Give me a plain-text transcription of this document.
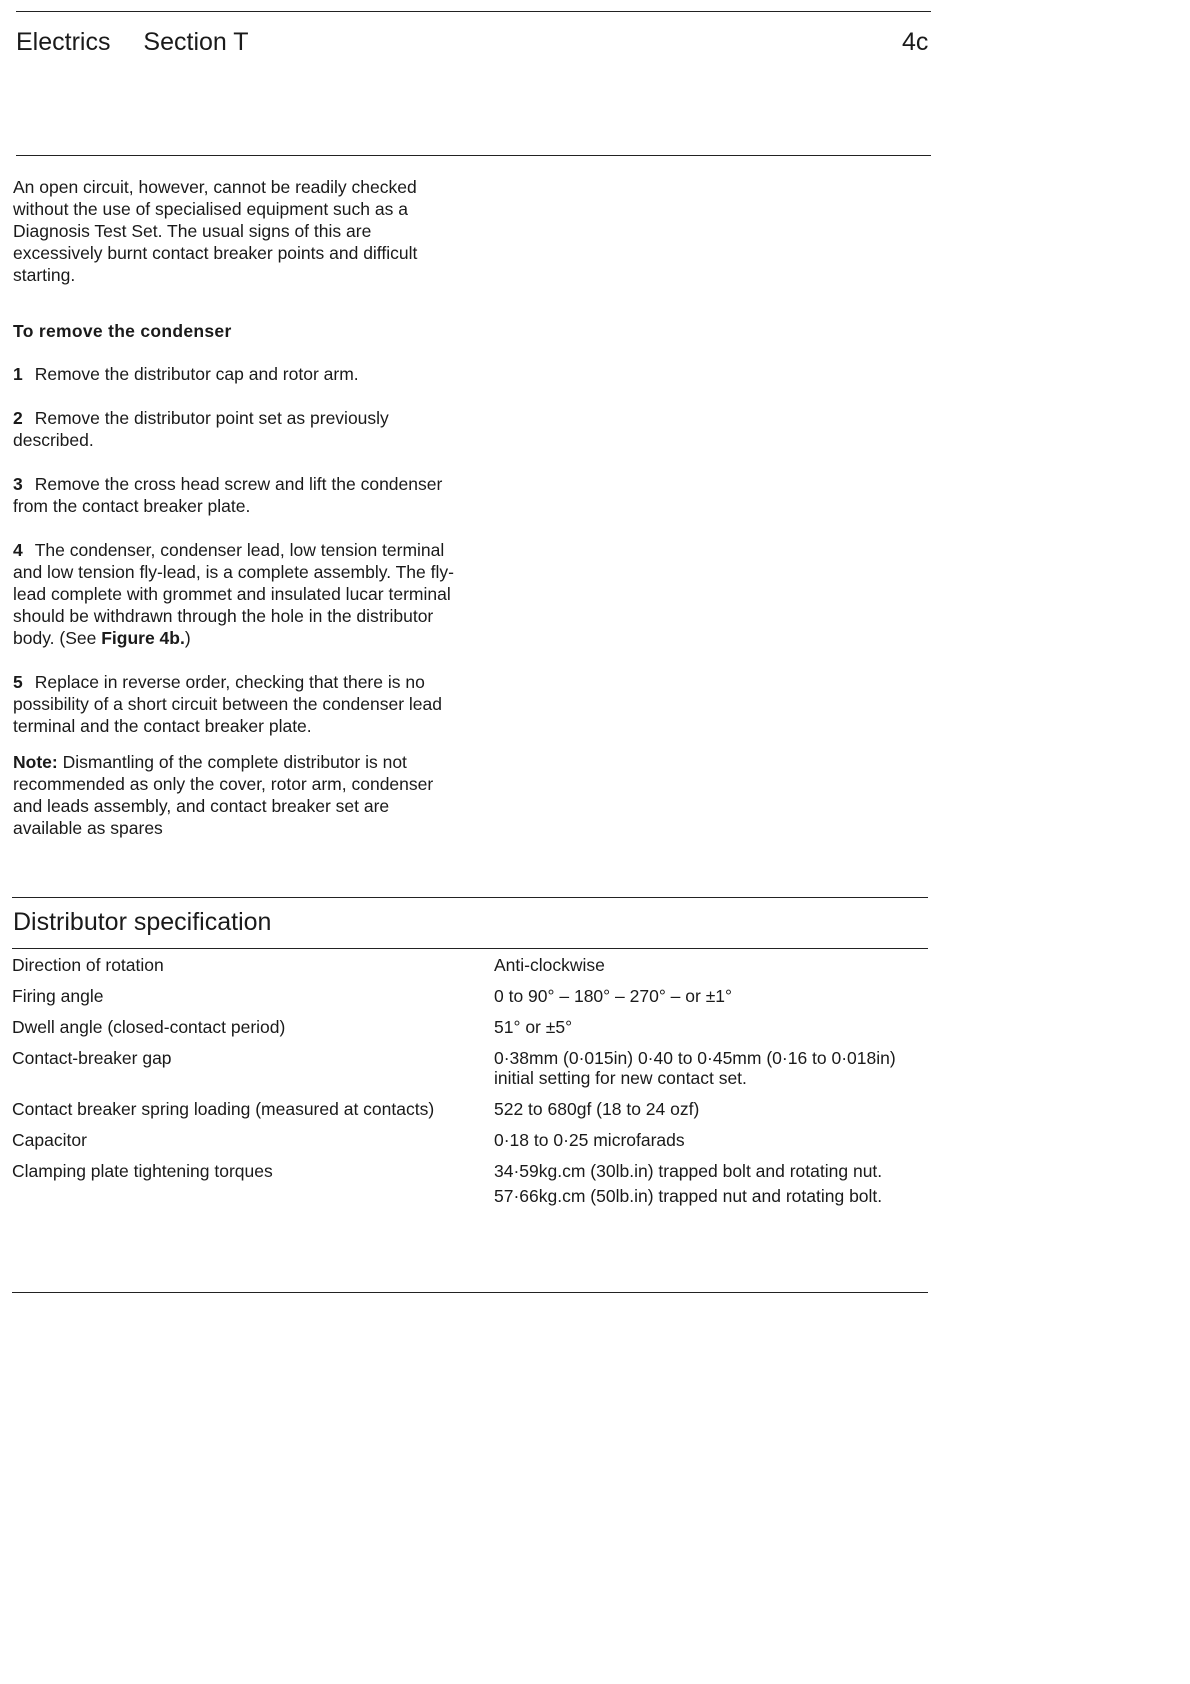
Electrics Section T	4c

An open circuit, however, cannot be readily checked without the use of specialised equipment such as a Diagnosis Test Set. The usual signs of this are excessively burnt contact breaker points and difficult starting.

To remove the condenser

1 Remove the distributor cap and rotor arm.

2 Remove the distributor point set as previously described.

3 Remove the cross head screw and lift the condenser from the contact breaker plate.

4 The condenser, condenser lead, low tension terminal and low tension fly-lead, is a complete assembly. The fly-lead complete with grommet and insulated lucar terminal should be withdrawn through the hole in the distributor body. (See Figure 4b.)

5 Replace in reverse order, checking that there is no possibility of a short circuit between the condenser lead terminal and the contact breaker plate.

Note: Dismantling of the complete distributor is not recommended as only the cover, rotor arm, condenser and leads assembly, and contact breaker set are available as spares

Distributor specification
Direction of rotation	Anti-clockwise
Firing angle	0 to 90° – 180° – 270° – or ±1°
Dwell angle (closed-contact period)	51° or ±5°
Contact-breaker gap	0·38mm (0·015in) 0·40 to 0·45mm (0·16 to 0·018in) initial setting for new contact set.
Contact breaker spring loading (measured at contacts)	522 to 680gf (18 to 24 ozf)
Capacitor	0·18 to 0·25 microfarads
Clamping plate tightening torques	34·59kg.cm (30lb.in) trapped bolt and rotating nut.
57·66kg.cm (50lb.in) trapped nut and rotating bolt.
